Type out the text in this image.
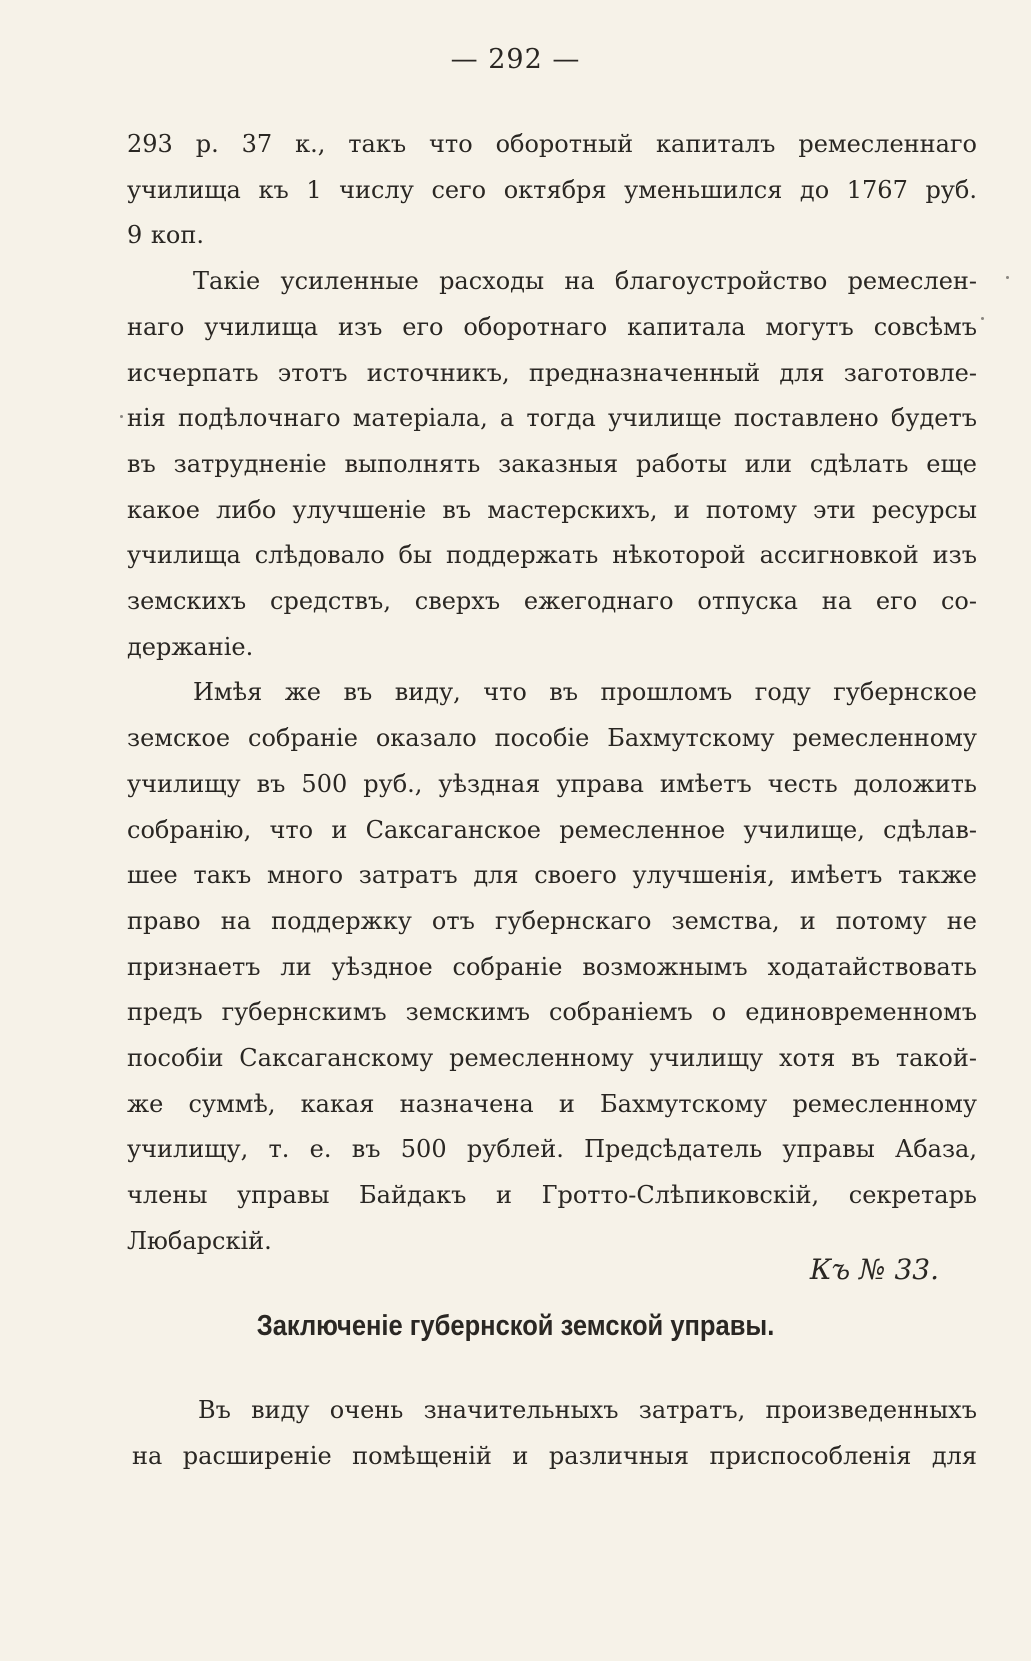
— 292 —
293 р. 37 к., такъ что оборотный капиталъ ремесленнаго
училища къ 1 числу сего октября уменьшился до 1767 руб.
9 коп.
Такіе усиленные расходы на благоустройство ремеслен-
наго училища изъ его оборотнаго капитала могутъ совсѣмъ
исчерпать этотъ источникъ, предназначенный для заготовле-
нія подѣлочнаго матеріала, а тогда училище поставлено будетъ
въ затрудненіе выполнять заказныя работы или сдѣлать еще
какое либо улучшеніе въ мастерскихъ, и потому эти ресурсы
училища слѣдовало бы поддержать нѣкоторой ассигновкой изъ
земскихъ средствъ, сверхъ ежегоднаго отпуска на его со-
держаніе.
Имѣя же въ виду, что въ прошломъ году губернское
земское собраніе оказало пособіе Бахмутскому ремесленному
училищу въ 500 руб., уѣздная управа имѣетъ честь доложить
собранію, что и Саксаганское ремесленное училище, сдѣлав-
шее такъ много затратъ для своего улучшенія, имѣетъ также
право на поддержку отъ губернскаго земства, и потому не
признаетъ ли уѣздное собраніе возможнымъ ходатайствовать
предъ губернскимъ земскимъ собраніемъ о единовременномъ
пособіи Саксаганскому ремесленному училищу хотя въ такой-
же суммѣ, какая назначена и Бахмутскому ремесленному
училищу, т. е. въ 500 рублей. Предсѣдатель управы Абаза,
члены управы Байдакъ и Гротто-Слѣпиковскій, секретарь
Любарскій.
Къ № 33.
Заключеніе губернской земской управы.
Въ виду очень значительныхъ затратъ, произведенныхъ
на расширеніе помѣщеній и различныя приспособленія для
